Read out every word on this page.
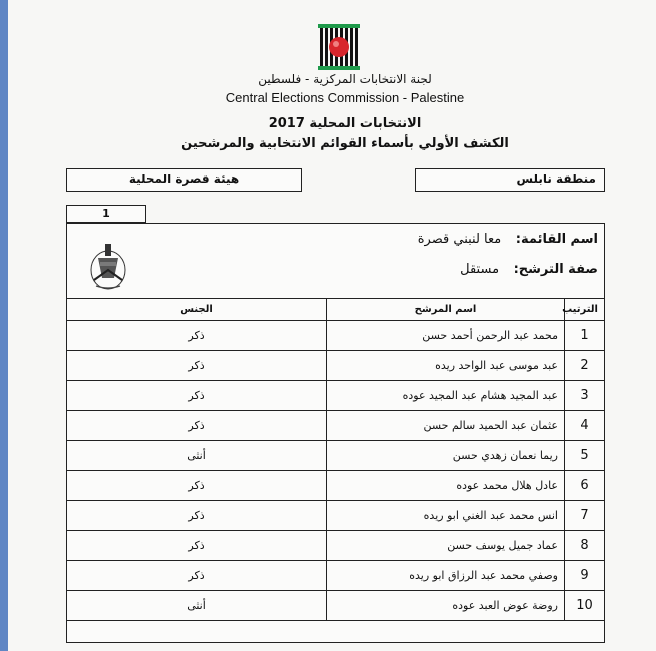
لجنة الانتخابات المركزية - فلسطين
Central Elections Commission - Palestine
الانتخابات المحلية 2017
الكشف الأولي بأسماء القوائم الانتخابية والمرشحين
منطقة نابلس
هيئة قصرة المحلية
1
اسم القائمة: معا لنبني قصرة
صفة الترشح: مستقل
الترتيب	اسم المرشح	الجنس
1	محمد عبد الرحمن أحمد حسن	ذكر
2	عبد موسى عبد الواحد ريده	ذكر
3	عبد المجيد هشام عبد المجيد عوده	ذكر
4	عثمان عبد الحميد سالم حسن	ذكر
5	ريما نعمان زهدي حسن	أنثى
6	عادل هلال محمد عوده	ذكر
7	انس محمد عبد الغني ابو ريده	ذكر
8	عماد جميل يوسف حسن	ذكر
9	وصفي محمد عبد الرزاق ابو ريده	ذكر
10	روضة عوض العبد عوده	أنثى
